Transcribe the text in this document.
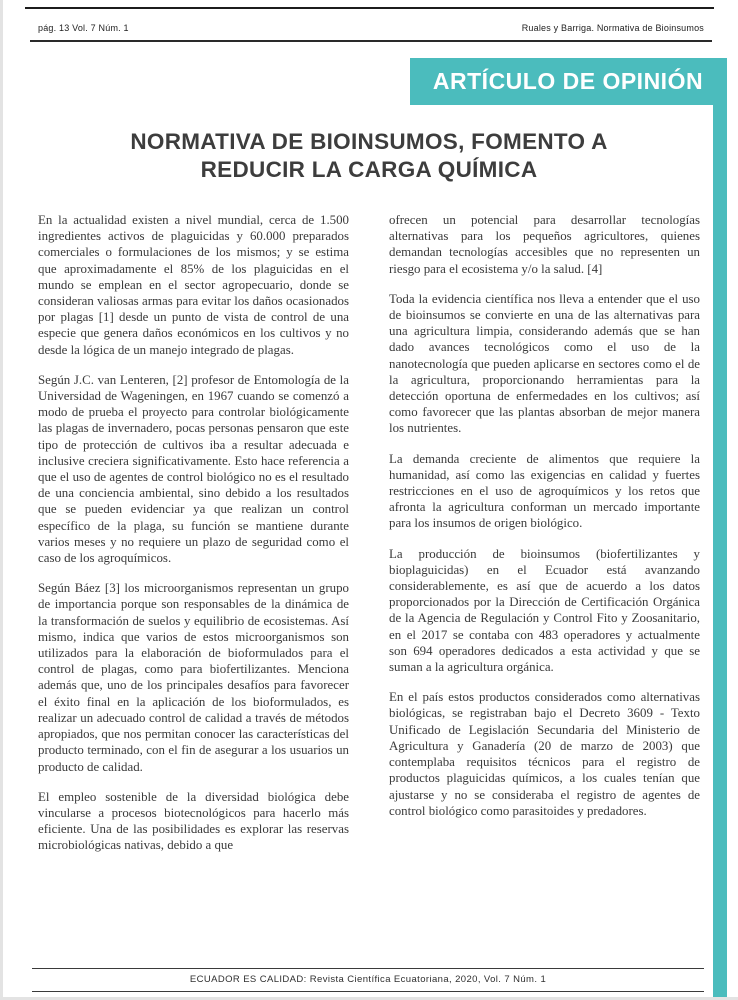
pág. 13 Vol. 7 Núm. 1	Ruales y Barriga. Normativa de Bioinsumos
ARTÍCULO DE OPINIÓN
NORMATIVA DE BIOINSUMOS, FOMENTO A
REDUCIR LA CARGA QUÍMICA

En la actualidad existen a nivel mundial, cerca de 1.500 ingredientes activos de plaguicidas y 60.000 preparados comerciales o formulaciones de los mismos; y se estima que aproximadamente el 85% de los plaguicidas en el mundo se emplean en el sector agropecuario, donde se consideran valiosas armas para evitar los daños ocasionados por plagas [1] desde un punto de vista de control de una especie que genera daños económicos en los cultivos y no desde la lógica de un manejo integrado de plagas.

Según J.C. van Lenteren, [2] profesor de Entomología de la Universidad de Wageningen, en 1967 cuando se comenzó a modo de prueba el proyecto para controlar biológicamente las plagas de invernadero, pocas personas pensaron que este tipo de protección de cultivos iba a resultar adecuada e inclusive creciera significativamente. Esto hace referencia a que el uso de agentes de control biológico no es el resultado de una conciencia ambiental, sino debido a los resultados que se pueden evidenciar ya que realizan un control específico de la plaga, su función se mantiene durante varios meses y no requiere un plazo de seguridad como el caso de los agroquímicos.

Según Báez [3] los microorganismos representan un grupo de importancia porque son responsables de la dinámica de la transformación de suelos y equilibrio de ecosistemas. Así mismo, indica que varios de estos microorganismos son utilizados para la elaboración de bioformulados para el control de plagas, como para biofertilizantes. Menciona además que, uno de los principales desafíos para favorecer el éxito final en la aplicación de los bioformulados, es realizar un adecuado control de calidad a través de métodos apropiados, que nos permitan conocer las características del producto terminado, con el fin de asegurar a los usuarios un producto de calidad.

El empleo sostenible de la diversidad biológica debe vincularse a procesos biotecnológicos para hacerlo más eficiente. Una de las posibilidades es explorar las reservas microbiológicas nativas, debido a que

ofrecen un potencial para desarrollar tecnologías alternativas para los pequeños agricultores, quienes demandan tecnologías accesibles que no representen un riesgo para el ecosistema y/o la salud. [4]

Toda la evidencia científica nos lleva a entender que el uso de bioinsumos se convierte en una de las alternativas para una agricultura limpia, considerando además que se han dado avances tecnológicos como el uso de la nanotecnología que pueden aplicarse en sectores como el de la agricultura, proporcionando herramientas para la detección oportuna de enfermedades en los cultivos; así como favorecer que las plantas absorban de mejor manera los nutrientes.

La demanda creciente de alimentos que requiere la humanidad, así como las exigencias en calidad y fuertes restricciones en el uso de agroquímicos y los retos que afronta la agricultura conforman un mercado importante para los insumos de origen biológico.

La producción de bioinsumos (biofertilizantes y bioplaguicidas) en el Ecuador está avanzando considerablemente, es así que de acuerdo a los datos proporcionados por la Dirección de Certificación Orgánica de la Agencia de Regulación y Control Fito y Zoosanitario, en el 2017 se contaba con 483 operadores y actualmente son 694 operadores dedicados a esta actividad y que se suman a la agricultura orgánica.

En el país estos productos considerados como alternativas biológicas, se registraban bajo el Decreto 3609 - Texto Unificado de Legislación Secundaria del Ministerio de Agricultura y Ganadería (20 de marzo de 2003) que contemplaba requisitos técnicos para el registro de productos plaguicidas químicos, a los cuales tenían que ajustarse y no se consideraba el registro de agentes de control biológico como parasitoides y predadores.

ECUADOR ES CALIDAD: Revista Científica Ecuatoriana, 2020, Vol. 7 Núm. 1
